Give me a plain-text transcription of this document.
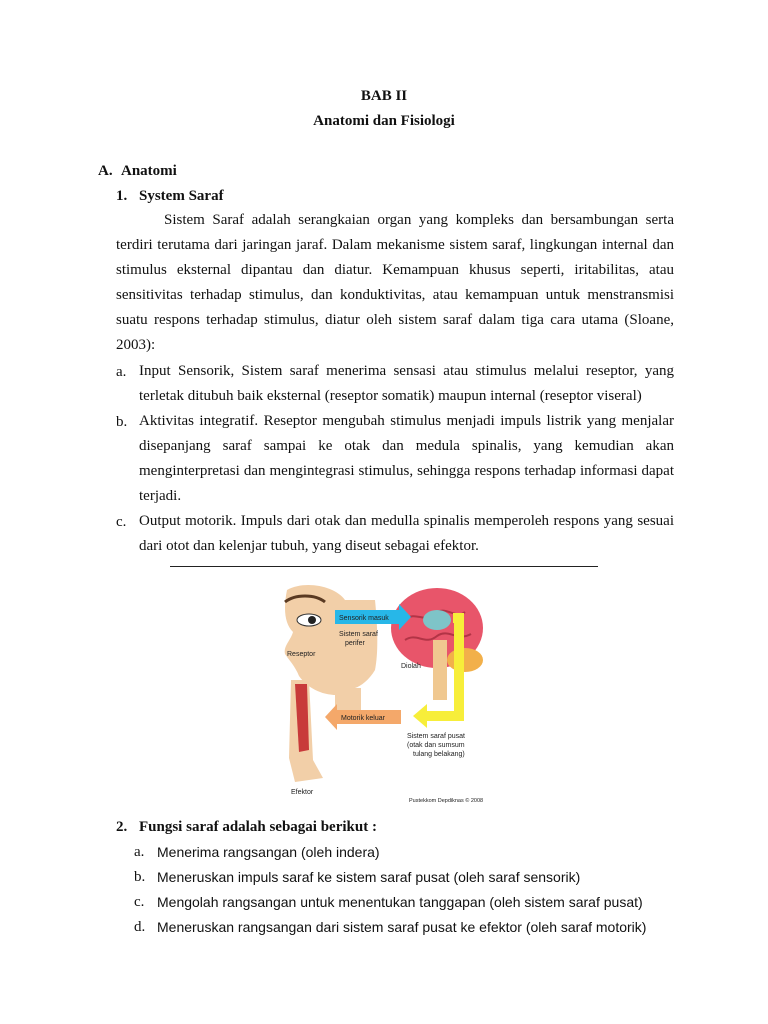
BAB II
Anatomi dan Fisiologi
A. Anatomi
1. System Saraf
Sistem Saraf adalah serangkaian organ yang kompleks dan bersambungan serta terdiri terutama dari jaringan jaraf. Dalam mekanisme sistem saraf, lingkungan internal dan stimulus eksternal dipantau dan diatur. Kemampuan khusus seperti, iritabilitas, atau sensitivitas terhadap stimulus, dan konduktivitas, atau kemampuan untuk menstransmisi suatu respons terhadap stimulus, diatur oleh sistem saraf dalam tiga cara utama (Sloane, 2003):
a. Input Sensorik, Sistem saraf menerima sensasi atau stimulus melalui reseptor, yang terletak ditubuh baik eksternal (reseptor somatik) maupun internal (reseptor viseral)
b. Aktivitas integratif. Reseptor mengubah stimulus menjadi impuls listrik yang menjalar disepanjang saraf sampai ke otak dan medula spinalis, yang kemudian akan menginterpretasi dan mengintegrasi stimulus, sehingga respons terhadap informasi dapat terjadi.
c. Output motorik. Impuls dari otak dan medulla spinalis memperoleh respons yang sesuai dari otot dan kelenjar tubuh, yang diseut sebagai efektor.
Sensorik masuk
Sistem saraf
perifer
Reseptor
Diolah
Motorik keluar
Sistem saraf pusat
(otak dan sumsum
tulang belakang)
Efektor
Pustekkom Depdiknas © 2008
2. Fungsi saraf adalah sebagai berikut :
a. Menerima rangsangan (oleh indera)
b. Meneruskan impuls saraf ke sistem saraf pusat (oleh saraf sensorik)
c. Mengolah rangsangan untuk menentukan tanggapan (oleh sistem saraf pusat)
d. Meneruskan rangsangan dari sistem saraf pusat ke efektor (oleh saraf motorik)
